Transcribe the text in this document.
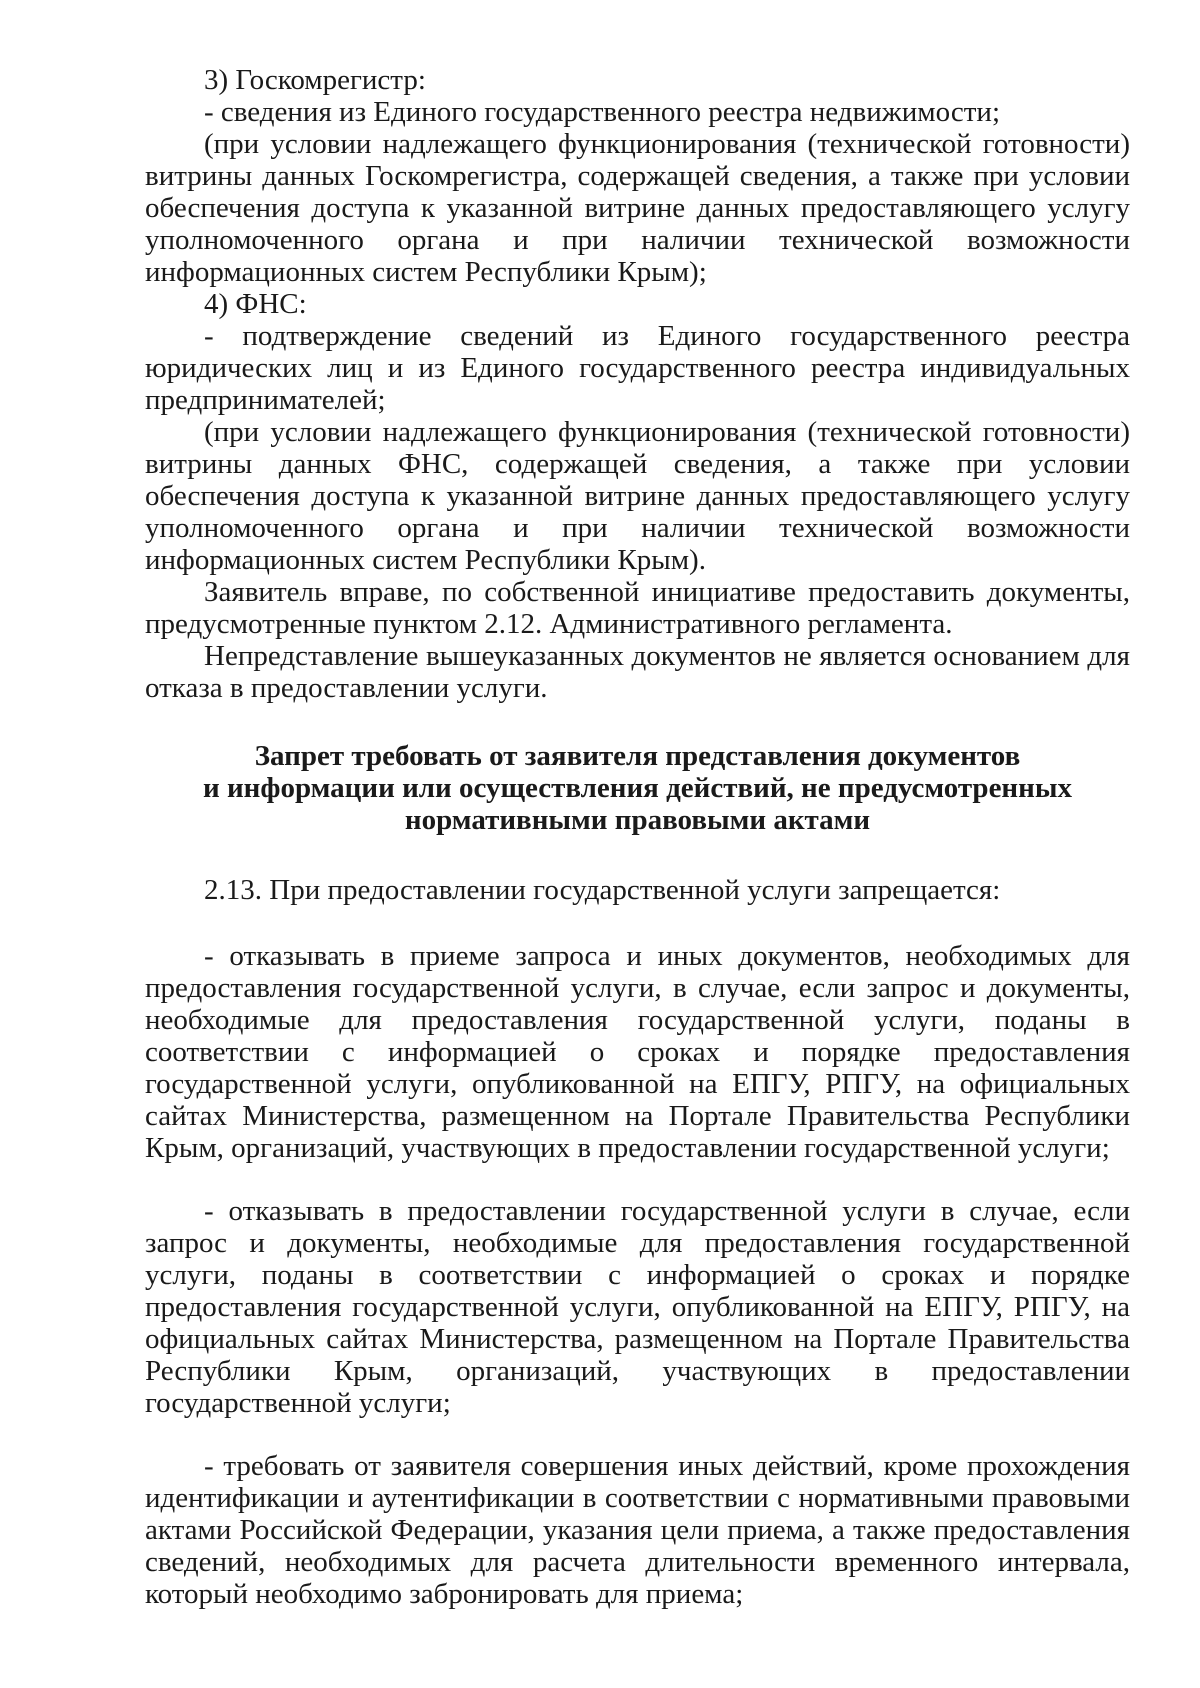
3) Госкомрегистр:

- сведения из Единого государственного реестра недвижимости;

(при условии надлежащего функционирования (технической готовности) витрины данных Госкомрегистра, содержащей сведения, а также при условии обеспечения доступа к указанной витрине данных предоставляющего услугу уполномоченного органа и при наличии технической возможности информационных систем Республики Крым);

4) ФНС:

- подтверждение сведений из Единого государственного реестра юридических лиц и из Единого государственного реестра индивидуальных предпринимателей;

(при условии надлежащего функционирования (технической готовности) витрины данных ФНС, содержащей сведения, а также при условии обеспечения доступа к указанной витрине данных предоставляющего услугу уполномоченного органа и при наличии технической возможности информационных систем Республики Крым).

Заявитель вправе, по собственной инициативе предоставить документы, предусмотренные пунктом 2.12. Административного регламента.

Непредставление вышеуказанных документов не является основанием для отказа в предоставлении услуги.

Запрет требовать от заявителя представления документов

и информации или осуществления действий, не предусмотренных

нормативными правовыми актами

2.13. При предоставлении государственной услуги запрещается:

- отказывать в приеме запроса и иных документов, необходимых для предоставления государственной услуги, в случае, если запрос и документы, необходимые для предоставления государственной услуги, поданы в соответствии с информацией о сроках и порядке предоставления государственной услуги, опубликованной на ЕПГУ, РПГУ, на официальных сайтах Министерства, размещенном на Портале Правительства Республики Крым, организаций, участвующих в предоставлении государственной услуги;

- отказывать в предоставлении государственной услуги в случае, если запрос и документы, необходимые для предоставления государственной услуги, поданы в соответствии с информацией о сроках и порядке предоставления государственной услуги, опубликованной на ЕПГУ, РПГУ, на официальных сайтах Министерства, размещенном на Портале Правительства Республики Крым, организаций, участвующих в предоставлении государственной услуги;

- требовать от заявителя совершения иных действий, кроме прохождения идентификации и аутентификации в соответствии с нормативными правовыми актами Российской Федерации, указания цели приема, а также предоставления сведений, необходимых для расчета длительности временного интервала, который необходимо забронировать для приема;
